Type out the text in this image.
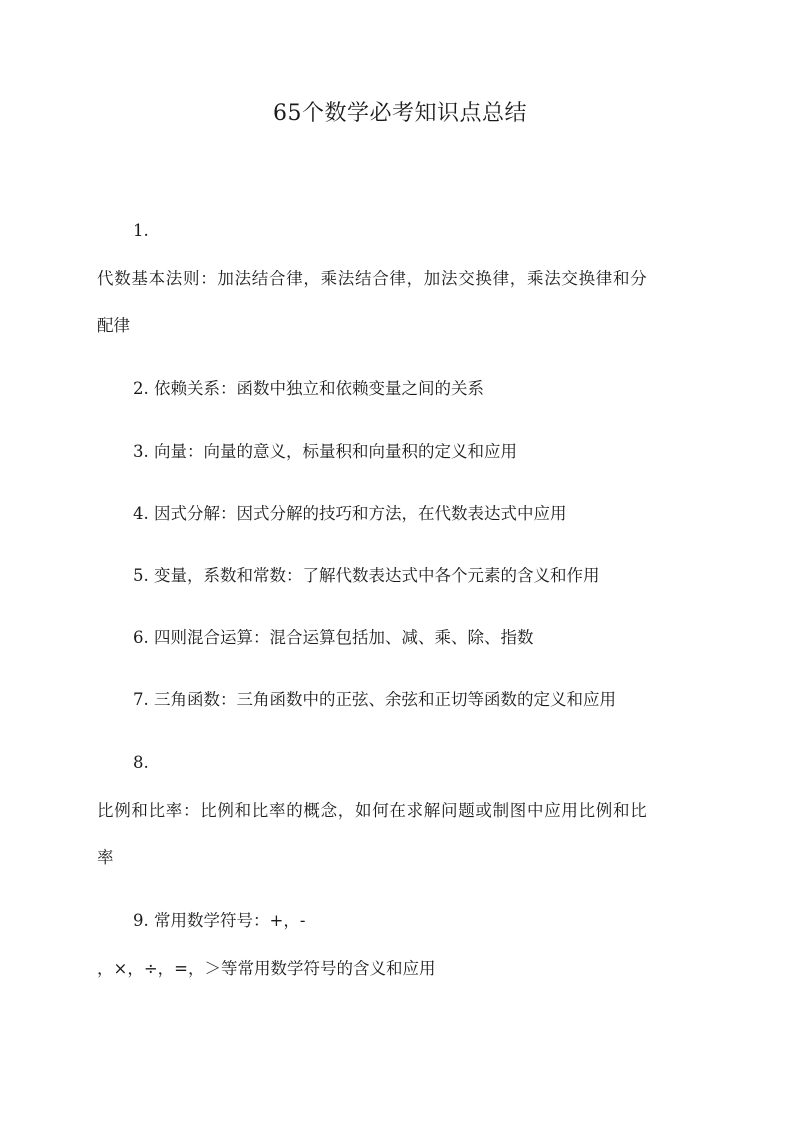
65个数学必考知识点总结
1.
代数基本法则：加法结合律，乘法结合律，加法交换律，乘法交换律和分
配律
2. 依赖关系：函数中独立和依赖变量之间的关系
3. 向量：向量的意义，标量积和向量积的定义和应用
4. 因式分解：因式分解的技巧和方法，在代数表达式中应用
5. 变量，系数和常数：了解代数表达式中各个元素的含义和作用
6. 四则混合运算：混合运算包括加、减、乘、除、指数
7. 三角函数：三角函数中的正弦、余弦和正切等函数的定义和应用
8.
比例和比率：比例和比率的概念，如何在求解问题或制图中应用比例和比
率
9. 常用数学符号：+，-
，×，÷，=，＞等常用数学符号的含义和应用
